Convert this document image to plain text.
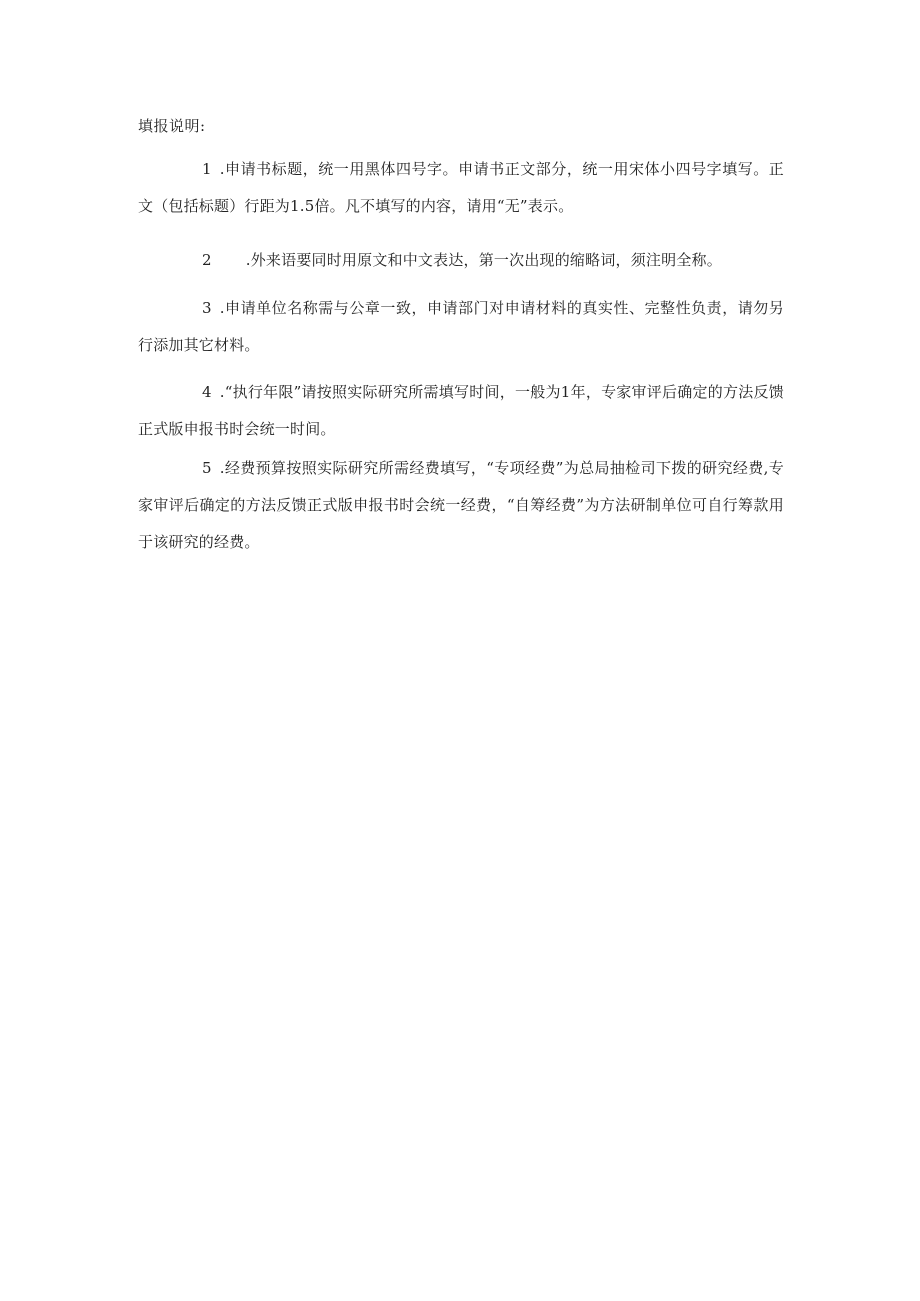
填报说明:

1 .申请书标题，统一用黑体四号字。申请书正文部分，统一用宋体小四号字填写。正文（包括标题）行距为1.5倍。凡不填写的内容，请用“无”表示。

2 .外来语要同时用原文和中文表达，第一次出现的缩略词，须注明全称。

3 .申请单位名称需与公章一致，申请部门对申请材料的真实性、完整性负责，请勿另行添加其它材料。

4 .“执行年限”请按照实际研究所需填写时间，一般为1年，专家审评后确定的方法反馈正式版申报书时会统一时间。

5 .经费预算按照实际研究所需经费填写，“专项经费”为总局抽检司下拨的研究经费,专家审评后确定的方法反馈正式版申报书时会统一经费，“自筹经费”为方法研制单位可自行筹款用于该研究的经费。
